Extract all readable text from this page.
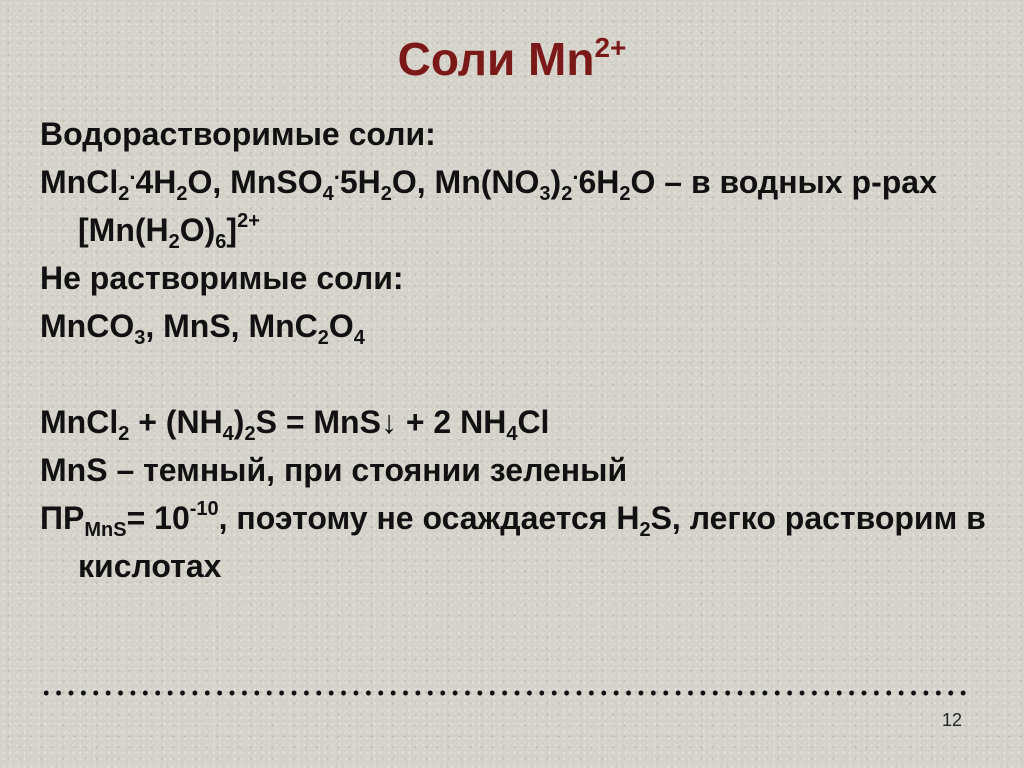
Соли $Mn^{2+}$
Водорастворимые соли:
$MnCl_2^.4H_2O$, $MnSO_4^.5H_2O$, $Mn(NO_3)_2^.6H_2O$ – в водных р-рах $[Mn(H_2O)_6]^{2+}$
Не растворимые соли:
MnCO$_3$, MnS, $MnC_2O_4$
MnCl$_2$ + $(NH_4)_2S$ = MnS↓ + 2 $NH_4Cl$
MnS – темный, при стоянии зеленый
$ПР_{MnS}= 10^{-10}$, поэтому не осаждается $H_2S$, легко растворим в кислотах
12
